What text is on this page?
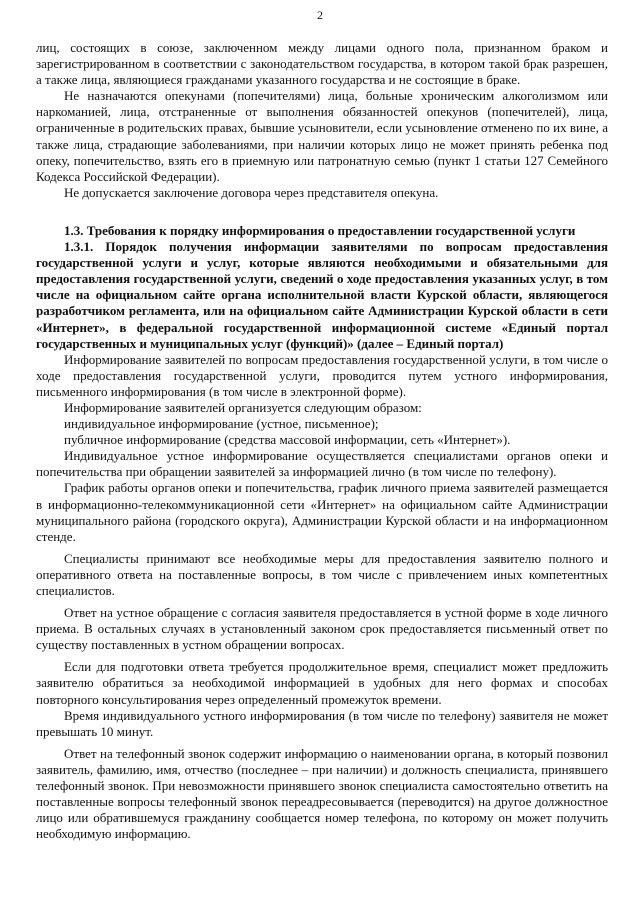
2

лиц, состоящих в союзе, заключенном между лицами одного пола, признанном браком и зарегистрированном в соответствии с законодательством государства, в котором такой брак разрешен, а также лица, являющиеся гражданами указанного государства и не состоящие в браке.

Не назначаются опекунами (попечителями) лица, больные хроническим алкоголизмом или наркоманией, лица, отстраненные от выполнения обязанностей опекунов (попечителей), лица, ограниченные в родительских правах, бывшие усыновители, если усыновление отменено по их вине, а также лица, страдающие заболеваниями, при наличии которых лицо не может принять ребенка под опеку, попечительство, взять его в приемную или патронатную семью (пункт 1 статьи 127 Семейного Кодекса Российской Федерации).

Не допускается заключение договора через представителя опекуна.

1.3. Требования к порядку информирования о предоставлении государственной услуги

1.3.1. Порядок получения информации заявителями по вопросам предоставления государственной услуги и услуг, которые являются необходимыми и обязательными для предоставления государственной услуги, сведений о ходе предоставления указанных услуг, в том числе на официальном сайте органа исполнительной власти Курской области, являющегося разработчиком регламента, или на официальном сайте Администрации Курской области в сети «Интернет», в федеральной государственной информационной системе «Единый портал государственных и муниципальных услуг (функций)» (далее – Единый портал)

Информирование заявителей по вопросам предоставления государственной услуги, в том числе о ходе предоставления государственной услуги, проводится путем устного информирования, письменного информирования (в том числе в электронной форме).

Информирование заявителей организуется следующим образом:

индивидуальное информирование (устное, письменное);

публичное информирование (средства массовой информации, сеть «Интернет»).

Индивидуальное устное информирование осуществляется специалистами органов опеки и попечительства при обращении заявителей за информацией лично (в том числе по телефону).

График работы органов опеки и попечительства, график личного приема заявителей размещается в информационно-телекоммуникационной сети «Интернет» на официальном сайте Администрации муниципального района (городского округа), Администрации Курской области и на информационном стенде.

Специалисты принимают все необходимые меры для предоставления заявителю полного и оперативного ответа на поставленные вопросы, в том числе с привлечением иных компетентных специалистов.

Ответ на устное обращение с согласия заявителя предоставляется в устной форме в ходе личного приема. В остальных случаях в установленный законом срок предоставляется письменный ответ по существу поставленных в устном обращении вопросах.

Если для подготовки ответа требуется продолжительное время, специалист может предложить заявителю обратиться за необходимой информацией в удобных для него формах и способах повторного консультирования через определенный промежуток времени.

Время индивидуального устного информирования (в том числе по телефону) заявителя не может превышать 10 минут.

Ответ на телефонный звонок содержит информацию о наименовании органа, в который позвонил заявитель, фамилию, имя, отчество (последнее – при наличии) и должность специалиста, принявшего телефонный звонок. При невозможности принявшего звонок специалиста самостоятельно ответить на поставленные вопросы телефонный звонок переадресовывается (переводится) на другое должностное лицо или обратившемуся гражданину сообщается номер телефона, по которому он может получить необходимую информацию.
